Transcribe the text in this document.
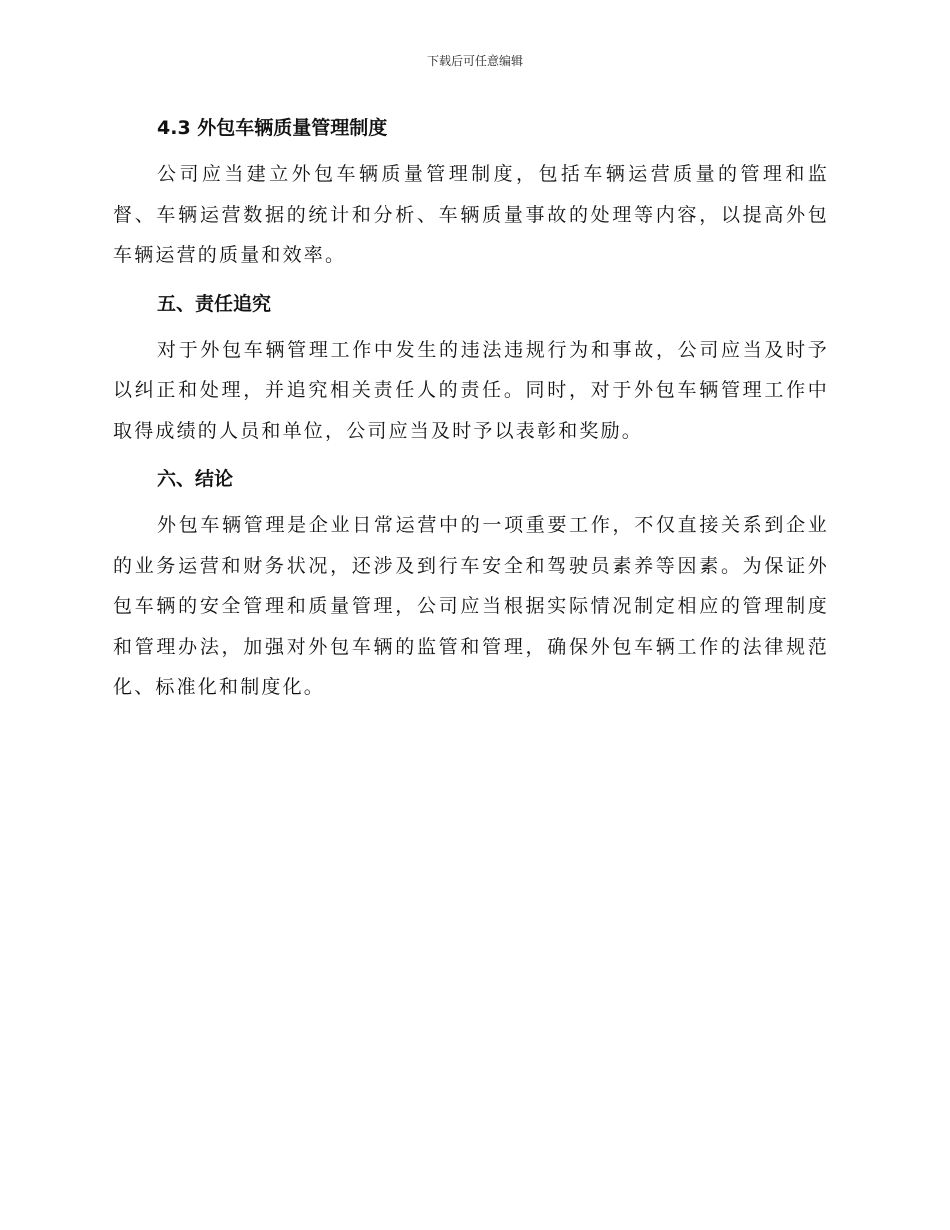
下载后可任意编辑
4.3 外包车辆质量管理制度

公司应当建立外包车辆质量管理制度，包括车辆运营质量的管理和监督、车辆运营数据的统计和分析、车辆质量事故的处理等内容，以提高外包车辆运营的质量和效率。

五、责任追究

对于外包车辆管理工作中发生的违法违规行为和事故，公司应当及时予以纠正和处理，并追究相关责任人的责任。同时，对于外包车辆管理工作中取得成绩的人员和单位，公司应当及时予以表彰和奖励。

六、结论

外包车辆管理是企业日常运营中的一项重要工作，不仅直接关系到企业的业务运营和财务状况，还涉及到行车安全和驾驶员素养等因素。为保证外包车辆的安全管理和质量管理，公司应当根据实际情况制定相应的管理制度和管理办法，加强对外包车辆的监管和管理，确保外包车辆工作的法律规范化、标准化和制度化。
